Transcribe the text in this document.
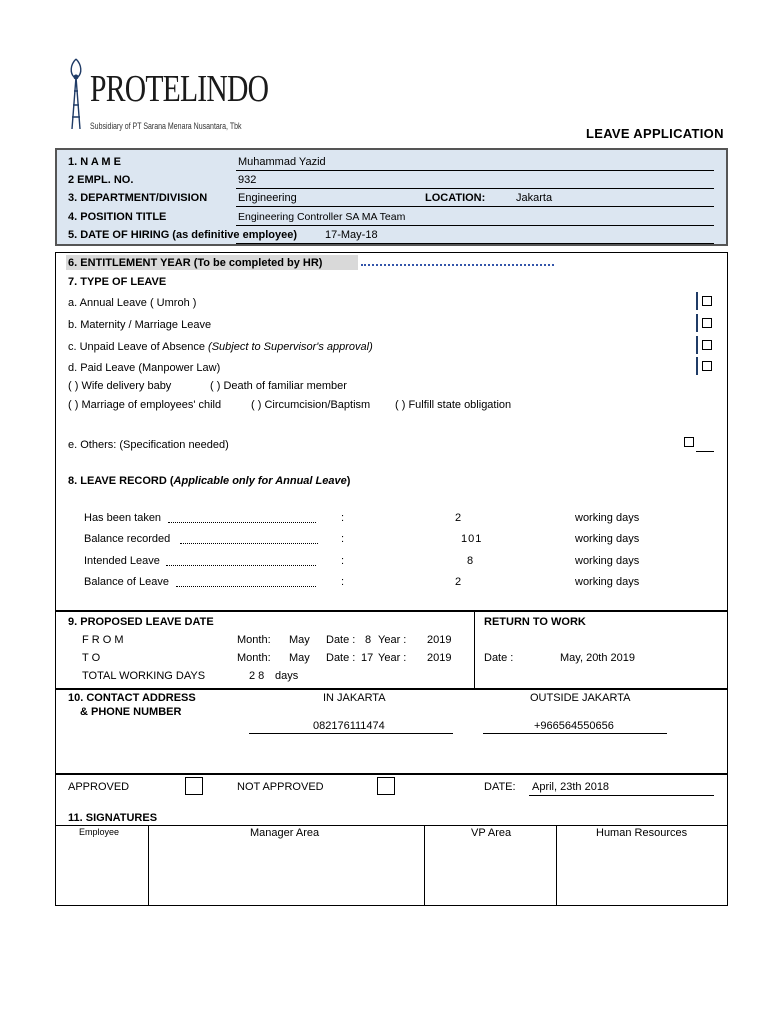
PROTELINDO
Subsidiary of PT Sarana Menara Nusantara, Tbk	LEAVE APPLICATION
1. N A M E	Muhammad Yazid
2 EMPL. NO.	932
3. DEPARTMENT/DIVISION	Engineering	LOCATION:	Jakarta
4. POSITION TITLE	Engineering Controller SA MA Team
5. DATE OF HIRING (as definitive employee)	17-May-18
6. ENTITLEMENT YEAR (To be completed by HR)
7. TYPE OF LEAVE
a. Annual Leave ( Umroh )
b. Maternity / Marriage Leave
c. Unpaid Leave of Absence (Subject to Supervisor's approval)
d. Paid Leave (Manpower Law)
( ) Wife delivery baby	( ) Death of familiar member
( ) Marriage of employees' child	( ) Circumcision/Baptism ( ) Fulfill state obligation
e. Others: (Specification needed)
8. LEAVE RECORD (Applicable only for Annual Leave)
Has been taken	:	2	working days
Balance recorded	:	101	working days
Intended Leave	:	8	working days
Balance of Leave	:	2	working days
9. PROPOSED LEAVE DATE	RETURN TO WORK
F R O M	Month: May Date : 8 Year : 2019
T O	Month: May Date : 17 Year : 2019	Date :	May, 20th 2019
TOTAL WORKING DAYS	2 8 days
10. CONTACT ADDRESS
& PHONE NUMBER
IN JAKARTA	OUTSIDE JAKARTA
082176111474	+966564550656
APPROVED	NOT APPROVED	DATE: April, 23th 2018
11. SIGNATURES
Employee	Manager Area	VP Area	Human Resources
